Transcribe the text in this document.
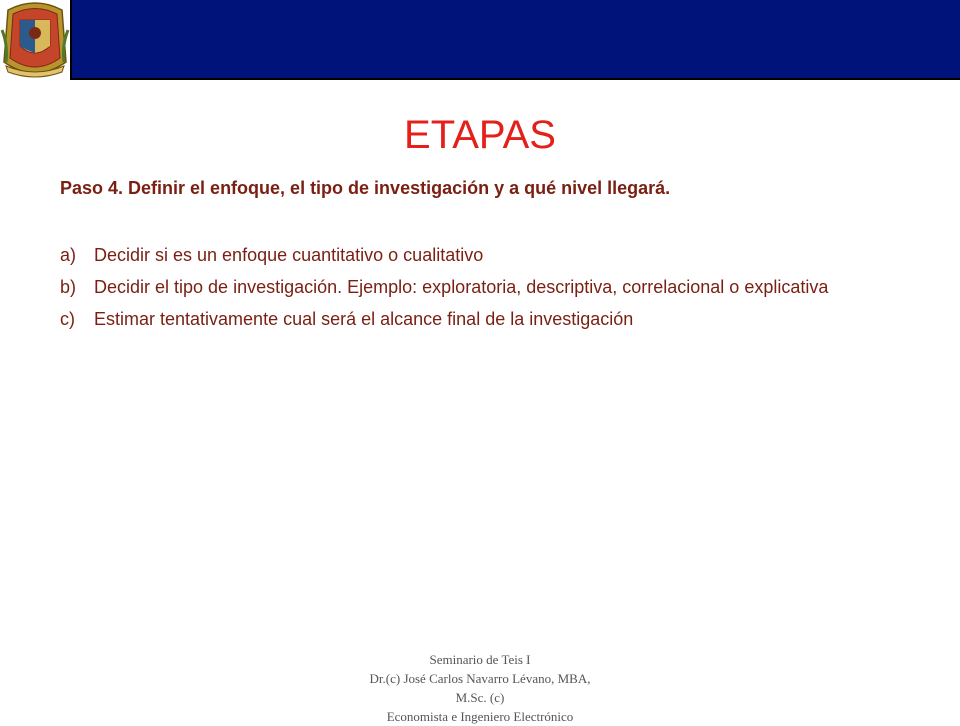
ETAPAS
Paso 4. Definir el enfoque, el tipo de investigación y a qué nivel llegará.
a) Decidir si es un enfoque cuantitativo o cualitativo
b) Decidir el tipo de investigación. Ejemplo: exploratoria, descriptiva, correlacional o explicativa
c)	Estimar tentativamente cual será el alcance final de la investigación
Seminario de Teis I
Dr.(c) José Carlos Navarro Lévano, MBA,
M.Sc. (c)
Economista e Ingeniero Electrónico
